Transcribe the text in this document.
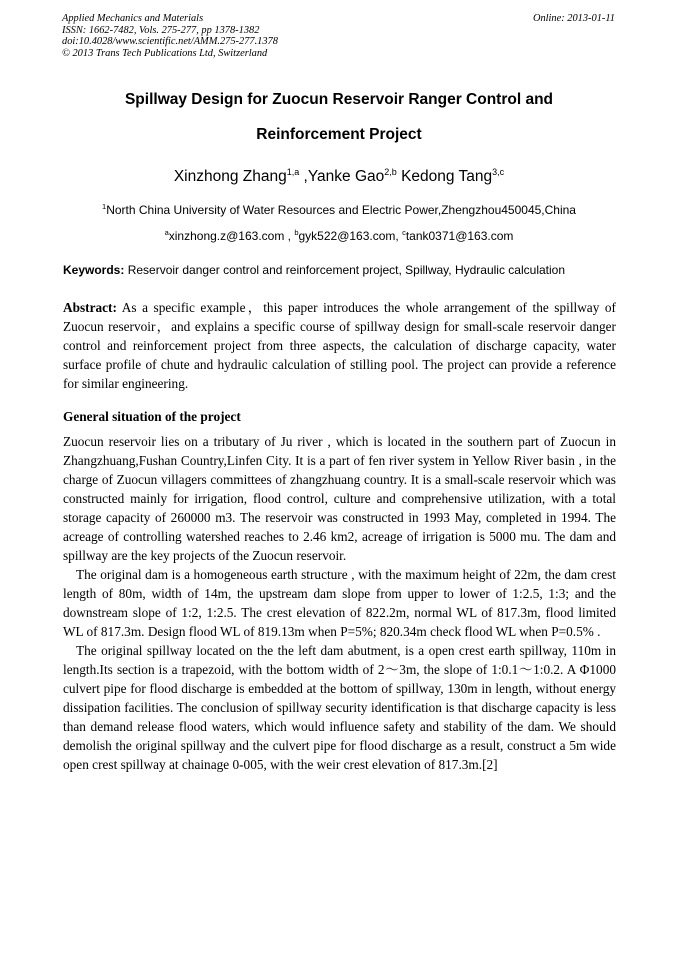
Applied Mechanics and Materials
ISSN: 1662-7482, Vols. 275-277, pp 1378-1382
doi:10.4028/www.scientific.net/AMM.275-277.1378
© 2013 Trans Tech Publications Ltd, Switzerland
Online: 2013-01-11
Spillway Design for Zuocun Reservoir Ranger Control and
Reinforcement Project
Xinzhong Zhang$^{1,a}$ ,Yanke Gao$^{2,b}$ Kedong Tang$^{3,c}$
$^1$North China University of Water Resources and Electric Power,Zhengzhou450045,China
$^a$xinzhong.z@163.com , $^b$gyk522@163.com, $^c$tank0371@163.com
Keywords: Reservoir danger control and reinforcement project, Spillway, Hydraulic calculation
Abstract: As a specific example，this paper introduces the whole arrangement of the spillway of Zuocun reservoir，and explains a specific course of spillway design for small-scale reservoir danger control and reinforcement project from three aspects, the calculation of discharge capacity, water surface profile of chute and hydraulic calculation of stilling pool. The project can provide a reference for similar engineering.
General situation of the project

Zuocun reservoir lies on a tributary of Ju river , which is located in the southern part of Zuocun in Zhangzhuang,Fushan Country,Linfen City. It is a part of fen river system in Yellow River basin , in the charge of Zuocun villagers committees of zhangzhuang country. It is a small-scale reservoir which was constructed mainly for irrigation, flood control, culture and comprehensive utilization, with a total storage capacity of 260000 m3. The reservoir was constructed in 1993 May, completed in 1994. The acreage of controlling watershed reaches to 2.46 km2, acreage of irrigation is 5000 mu. The dam and spillway are the key projects of the Zuocun reservoir.

The original dam is a homogeneous earth structure , with the maximum height of 22m, the dam crest length of 80m, width of 14m, the upstream dam slope from upper to lower of 1:2.5, 1:3; and the downstream slope of 1:2, 1:2.5. The crest elevation of 822.2m, normal WL of 817.3m, flood limited WL of 817.3m. Design flood WL of 819.13m when P=5%; 820.34m check flood WL when P=0.5% .

The original spillway located on the the left dam abutment, is a open crest earth spillway, 110m in length.Its section is a trapezoid, with the bottom width of 2～3m, the slope of 1:0.1～1:0.2. A Φ1000 culvert pipe for flood discharge is embedded at the bottom of spillway, 130m in length, without energy dissipation facilities. The conclusion of spillway security identification is that discharge capacity is less than demand release flood waters, which would influence safety and stability of the dam. We should demolish the original spillway and the culvert pipe for flood discharge as a result, construct a 5m wide open crest spillway at chainage 0-005, with the weir crest elevation of 817.3m.[2]
